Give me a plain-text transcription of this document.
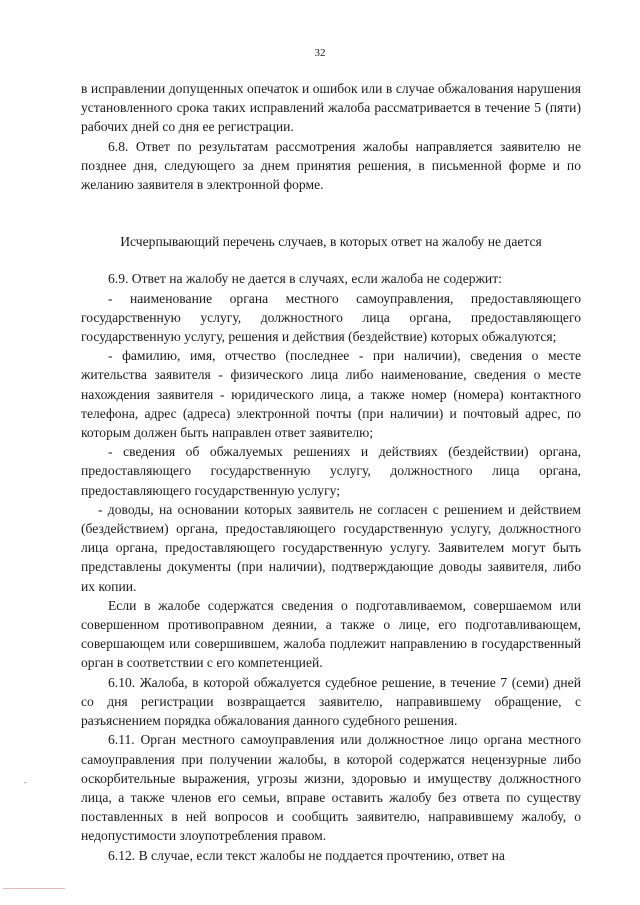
32

в исправлении допущенных опечаток и ошибок или в случае обжалования нарушения установленного срока таких исправлений жалоба рассматривается в течение 5 (пяти) рабочих дней со дня ее регистрации.

6.8. Ответ по результатам рассмотрения жалобы направляется заявителю не позднее дня, следующего за днем принятия решения, в письменной форме и по желанию заявителя в электронной форме.

Исчерпывающий перечень случаев, в которых ответ на жалобу не дается

6.9. Ответ на жалобу не дается в случаях, если жалоба не содержит:

- наименование органа местного самоуправления, предоставляющего государственную услугу, должностного лица органа, предоставляющего государственную услугу, решения и действия (бездействие) которых обжалуются;

- фамилию, имя, отчество (последнее - при наличии), сведения о месте жительства заявителя - физического лица либо наименование, сведения о месте нахождения заявителя - юридического лица, а также номер (номера) контактного телефона, адрес (адреса) электронной почты (при наличии) и почтовый адрес, по которым должен быть направлен ответ заявителю;

- сведения об обжалуемых решениях и действиях (бездействии) органа, предоставляющего государственную услугу, должностного лица органа, предоставляющего государственную услугу;

- доводы, на основании которых заявитель не согласен с решением и действием (бездействием) органа, предоставляющего государственную услугу, должностного лица органа, предоставляющего государственную услугу. Заявителем могут быть представлены документы (при наличии), подтверждающие доводы заявителя, либо их копии.

Если в жалобе содержатся сведения о подготавливаемом, совершаемом или совершенном противоправном деянии, а также о лице, его подготавливающем, совершающем или совершившем, жалоба подлежит направлению в государственный орган в соответствии с его компетенцией.

6.10. Жалоба, в которой обжалуется судебное решение, в течение 7 (семи) дней со дня регистрации возвращается заявителю, направившему обращение, с разъяснением порядка обжалования данного судебного решения.

6.11. Орган местного самоуправления или должностное лицо органа местного самоуправления при получении жалобы, в которой содержатся нецензурные либо оскорбительные выражения, угрозы жизни, здоровью и имуществу должностного лица, а также членов его семьи, вправе оставить жалобу без ответа по существу поставленных в ней вопросов и сообщить заявителю, направившему жалобу, о недопустимости злоупотребления правом.

6.12. В случае, если текст жалобы не поддается прочтению, ответ на

-
